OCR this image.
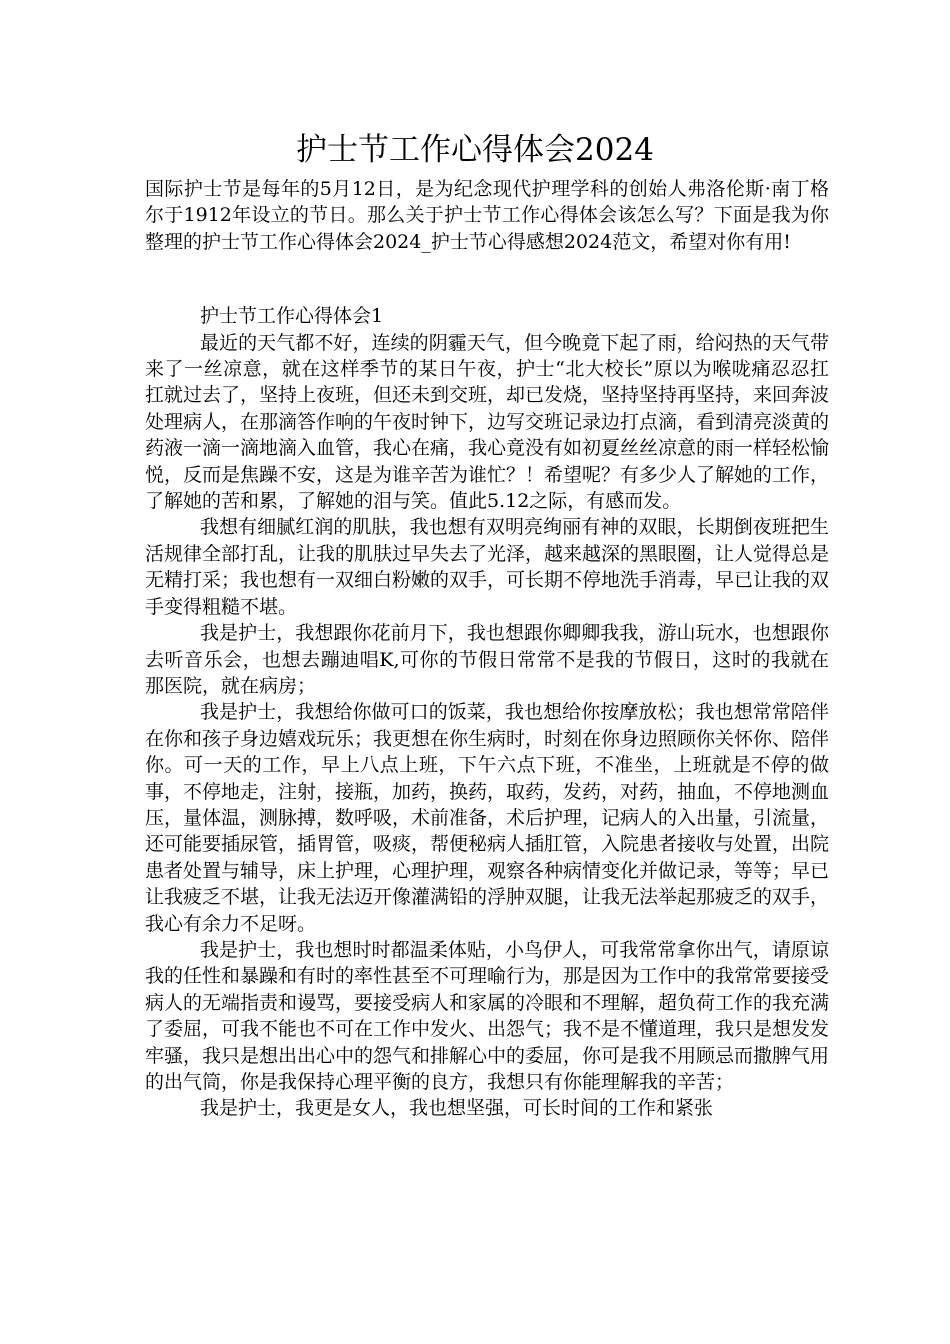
护士节工作心得体会2024

国际护士节是每年的5月12日，是为纪念现代护理学科的创始人弗洛伦斯·南丁格尔于1912年设立的节日。那么关于护士节工作心得体会该怎么写？下面是我为你整理的护士节工作心得体会2024_护士节心得感想2024范文，希望对你有用!

护士节工作心得体会1

最近的天气都不好，连续的阴霾天气，但今晚竟下起了雨，给闷热的天气带来了一丝凉意，就在这样季节的某日午夜，护士“北大校长”原以为喉咙痛忍忍扛扛就过去了，坚持上夜班，但还未到交班，却已发烧，坚持坚持再坚持，来回奔波处理病人，在那滴答作响的午夜时钟下，边写交班记录边打点滴，看到清亮淡黄的药液一滴一滴地滴入血管，我心在痛，我心竟没有如初夏丝丝凉意的雨一样轻松愉悦，反而是焦躁不安，这是为谁辛苦为谁忙？！希望呢？有多少人了解她的工作，了解她的苦和累，了解她的泪与笑。值此5.12之际，有感而发。

我想有细腻红润的肌肤，我也想有双明亮绚丽有神的双眼，长期倒夜班把生活规律全部打乱，让我的肌肤过早失去了光泽，越来越深的黑眼圈，让人觉得总是无精打采；我也想有一双细白粉嫩的双手，可长期不停地洗手消毒，早已让我的双手变得粗糙不堪。

我是护士，我想跟你花前月下，我也想跟你卿卿我我，游山玩水，也想跟你去听音乐会，也想去蹦迪唱K,可你的节假日常常不是我的节假日，这时的我就在那医院，就在病房；

我是护士，我想给你做可口的饭菜，我也想给你按摩放松；我也想常常陪伴在你和孩子身边嬉戏玩乐；我更想在你生病时，时刻在你身边照顾你关怀你、陪伴你。可一天的工作，早上八点上班，下午六点下班，不准坐，上班就是不停的做事，不停地走，注射，接瓶，加药，换药，取药，发药，对药，抽血，不停地测血压，量体温，测脉搏，数呼吸，术前准备，术后护理，记病人的入出量，引流量，还可能要插尿管，插胃管，吸痰，帮便秘病人插肛管，入院患者接收与处置，出院患者处置与辅导，床上护理，心理护理，观察各种病情变化并做记录，等等；早已让我疲乏不堪，让我无法迈开像灌满铅的浮肿双腿，让我无法举起那疲乏的双手，我心有余力不足呀。

我是护士，我也想时时都温柔体贴，小鸟伊人，可我常常拿你出气，请原谅我的任性和暴躁和有时的率性甚至不可理喻行为，那是因为工作中的我常常要接受病人的无端指责和谩骂，要接受病人和家属的冷眼和不理解，超负荷工作的我充满了委屈，可我不能也不可在工作中发火、出怨气；我不是不懂道理，我只是想发发牢骚，我只是想出出心中的怨气和排解心中的委屈，你可是我不用顾忌而撒脾气用的出气筒，你是我保持心理平衡的良方，我想只有你能理解我的辛苦；

我是护士，我更是女人，我也想坚强，可长时间的工作和紧张
